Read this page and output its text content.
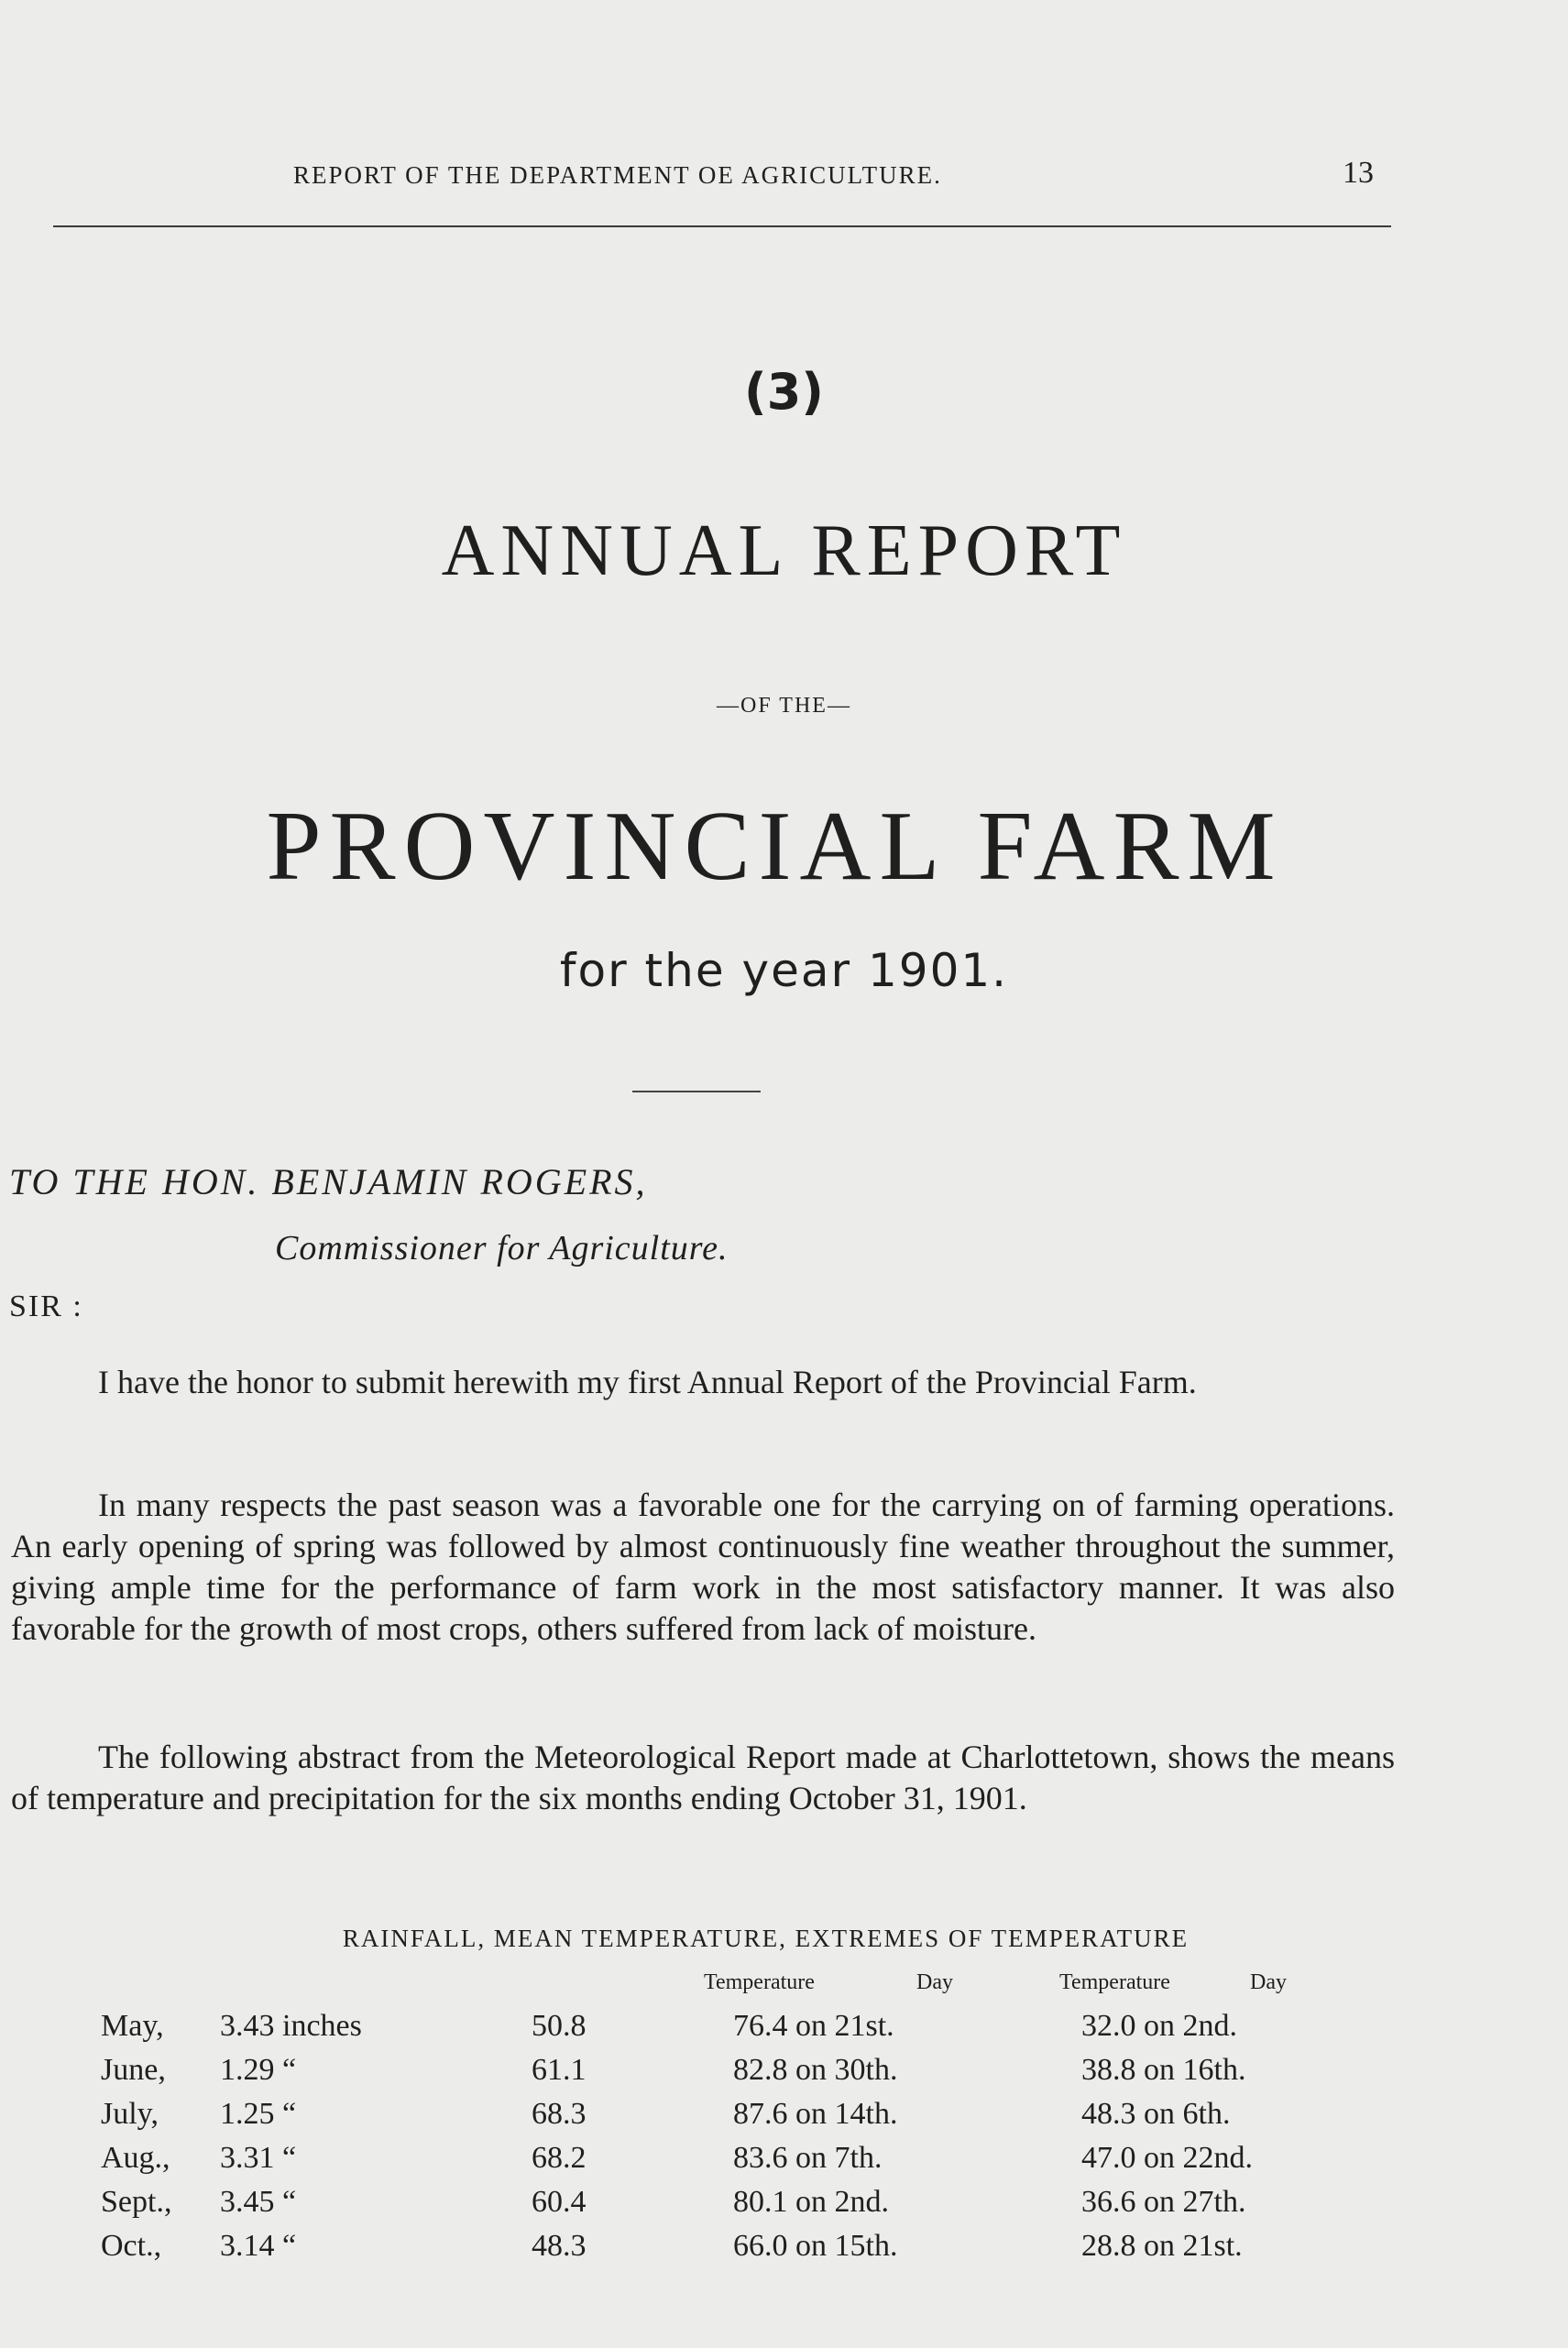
REPORT OF THE DEPARTMENT OE AGRICULTURE.	13
(3)
ANNUAL REPORT
—OF THE—
PROVINCIAL FARM
for the year 1901.
TO THE HON. BENJAMIN ROGERS,
Commissioner for Agriculture.
SIR :

I have the honor to submit herewith my first Annual Report of the Provincial Farm.

In many respects the past season was a favorable one for the carrying on of farming operations. An early opening of spring was followed by almost continuously fine weather throughout the summer, giving ample time for the performance of farm work in the most satisfactory manner. It was also favorable for the growth of most crops, others suffered from lack of moisture.

The following abstract from the Meteorological Report made at Charlottetown, shows the means of temperature and precipitation for the six months ending October 31, 1901.

RAINFALL, MEAN TEMPERATURE, EXTREMES OF TEMPERATURE
Temperature	Day	Temperature	Day
May, 3.43 inches	50.8	76.4 on 21st.	32.0 on 2nd.
June, 1.29 “	61.1	82.8 on 30th.	38.8 on 16th.
July, 1.25 “	68.3	87.6 on 14th.	48.3 on 6th.
Aug., 3.31 “	68.2	83.6 on 7th.	47.0 on 22nd.
Sept., 3.45 “	60.4	80.1 on 2nd.	36.6 on 27th.
Oct., 3.14 “	48.3	66.0 on 15th.	28.8 on 21st.
